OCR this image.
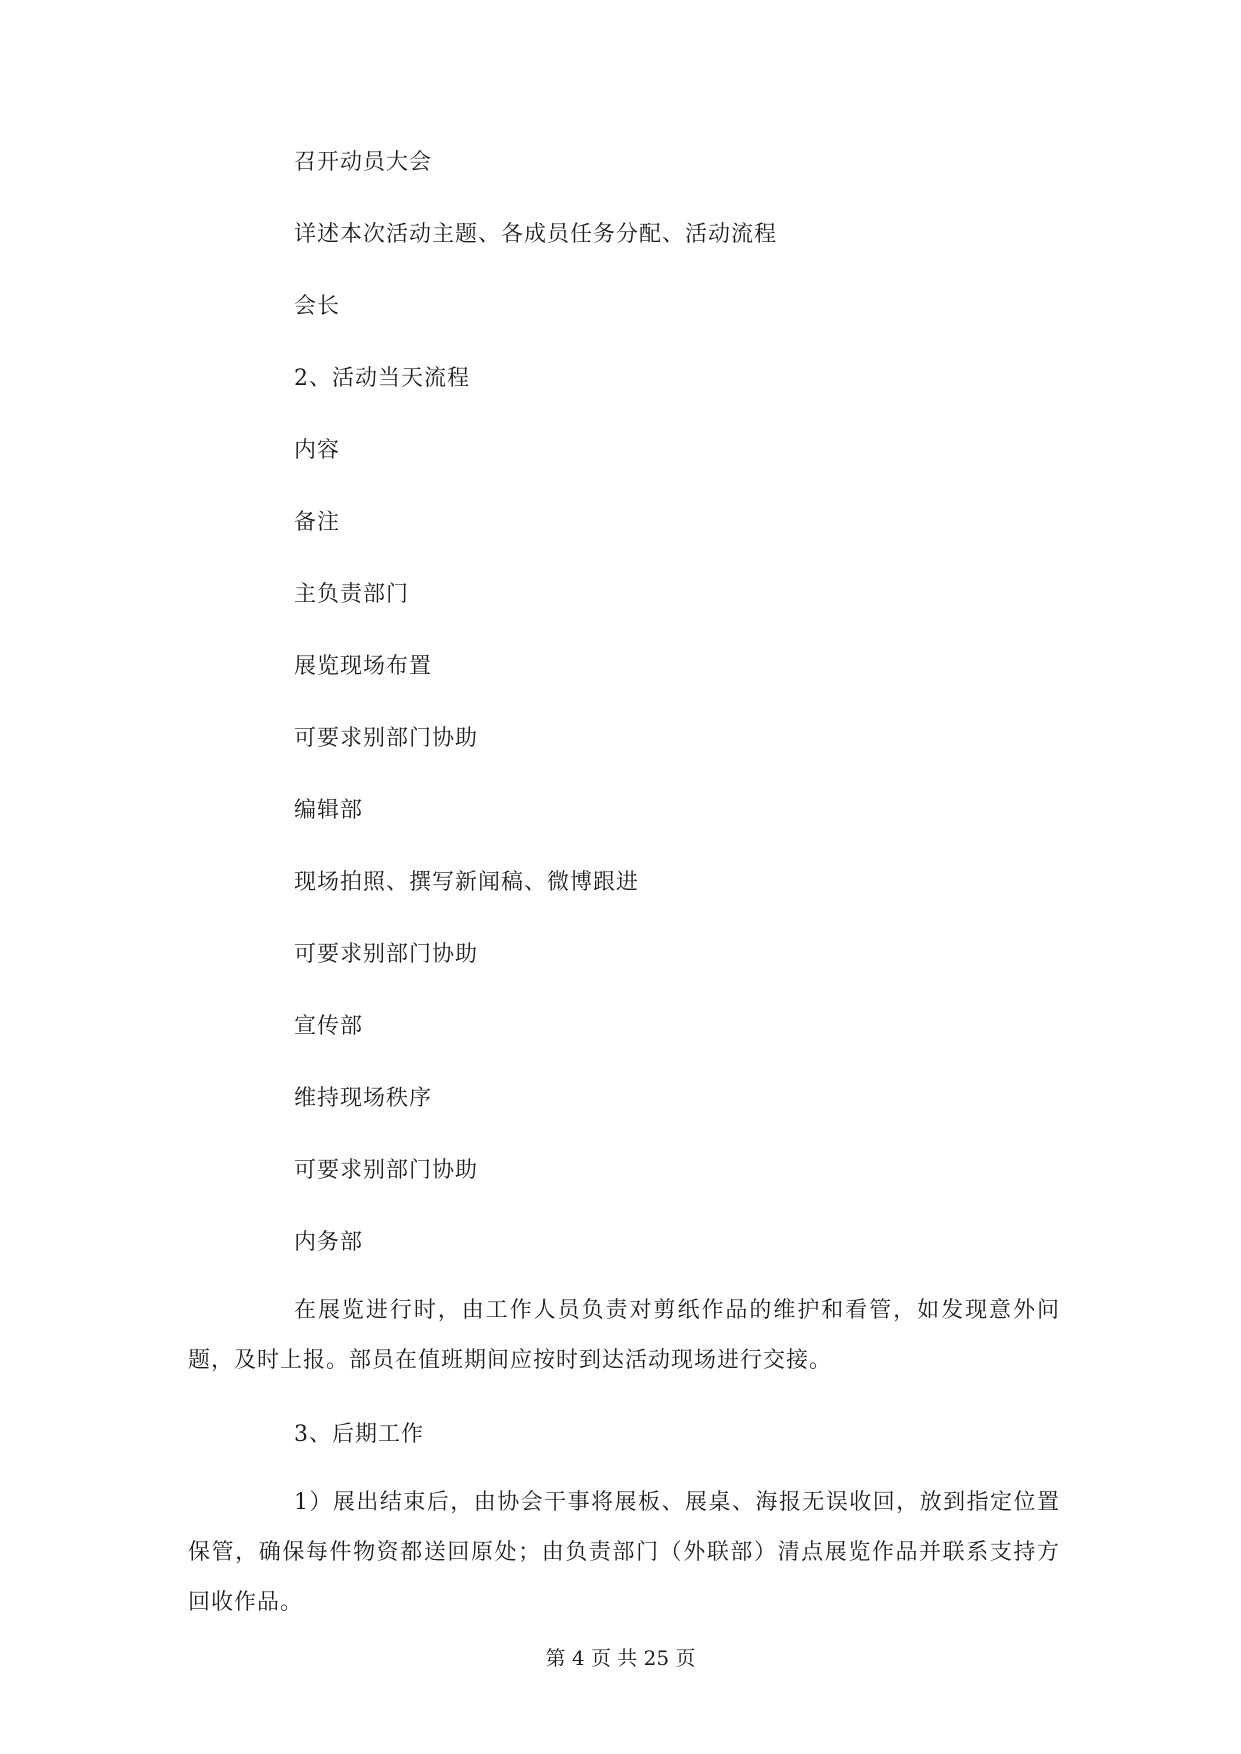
召开动员大会
详述本次活动主题、各成员任务分配、活动流程
会长
2、活动当天流程
内容
备注
主负责部门
展览现场布置
可要求别部门协助
编辑部
现场拍照、撰写新闻稿、微博跟进
可要求别部门协助
宣传部
维持现场秩序
可要求别部门协助
内务部
在展览进行时，由工作人员负责对剪纸作品的维护和看管，如发现意外问题，及时上报。部员在值班期间应按时到达活动现场进行交接。
3、后期工作
1）展出结束后，由协会干事将展板、展桌、海报无误收回，放到指定位置保管，确保每件物资都送回原处；由负责部门（外联部）清点展览作品并联系支持方回收作品。
第 4 页 共 25 页
